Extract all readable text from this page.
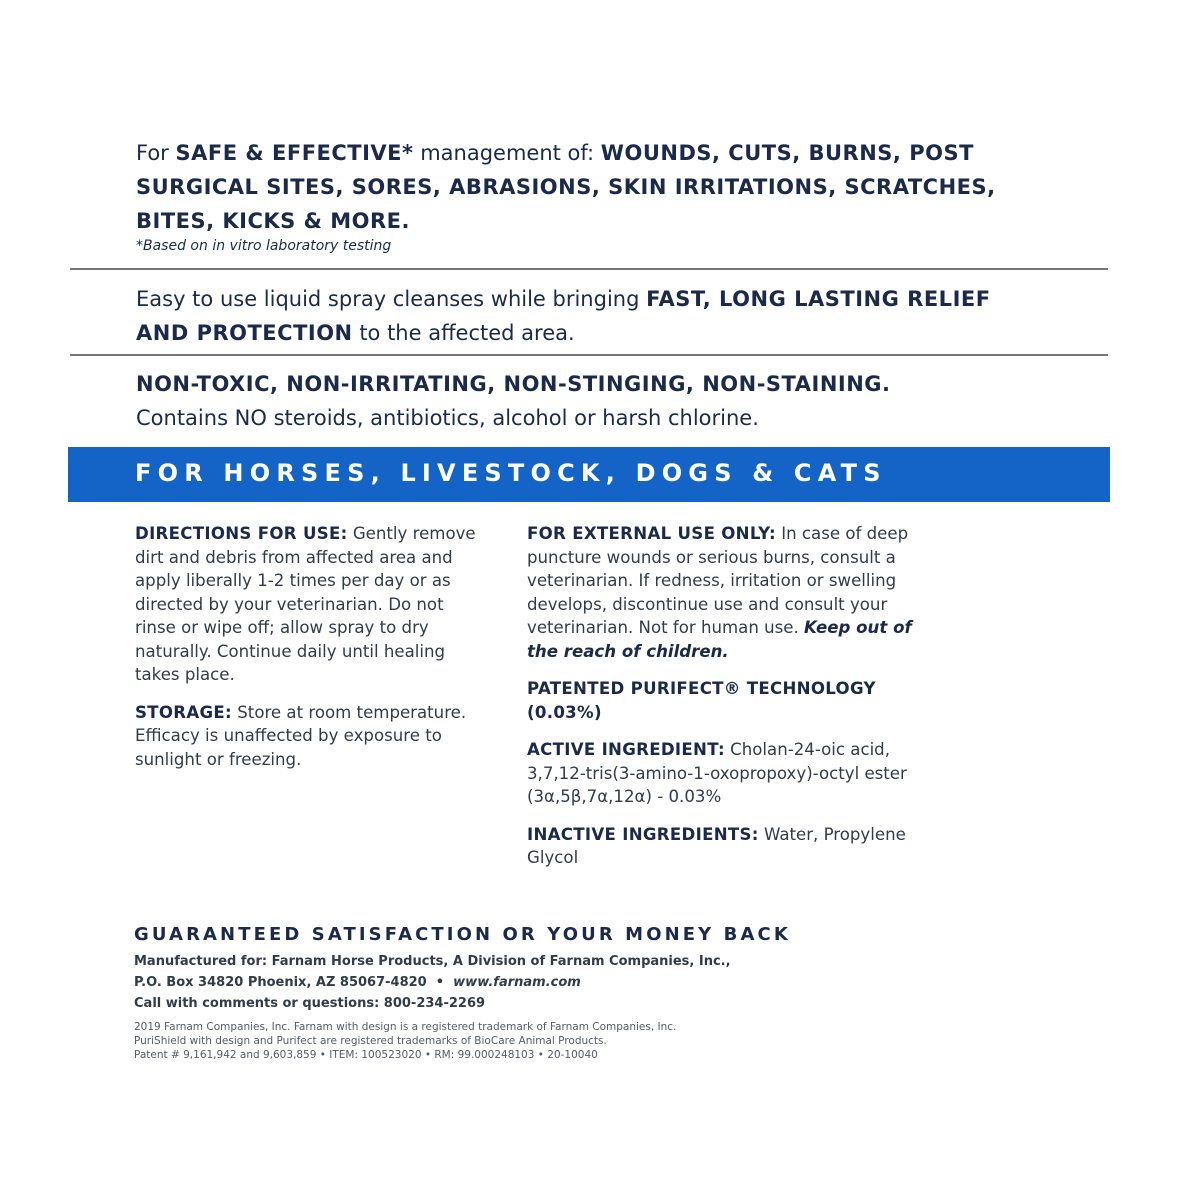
For SAFE & EFFECTIVE* management of: WOUNDS, CUTS, BURNS, POST SURGICAL SITES, SORES, ABRASIONS, SKIN IRRITATIONS, SCRATCHES, BITES, KICKS & MORE.
*Based on in vitro laboratory testing
Easy to use liquid spray cleanses while bringing FAST, LONG LASTING RELIEF AND PROTECTION to the affected area.
NON-TOXIC, NON-IRRITATING, NON-STINGING, NON-STAINING.
Contains NO steroids, antibiotics, alcohol or harsh chlorine.
FOR HORSES, LIVESTOCK, DOGS & CATS
DIRECTIONS FOR USE: Gently remove dirt and debris from affected area and apply liberally 1-2 times per day or as directed by your veterinarian. Do not rinse or wipe off; allow spray to dry naturally. Continue daily until healing takes place.
STORAGE: Store at room temperature. Efficacy is unaffected by exposure to sunlight or freezing.
FOR EXTERNAL USE ONLY: In case of deep puncture wounds or serious burns, consult a veterinarian. If redness, irritation or swelling develops, discontinue use and consult your veterinarian. Not for human use. Keep out of the reach of children.
PATENTED PURIFECT® TECHNOLOGY (0.03%)
ACTIVE INGREDIENT: Cholan-24-oic acid, 3,7,12-tris(3-amino-1-oxopropoxy)-octyl ester (3α,5β,7α,12α) - 0.03%
INACTIVE INGREDIENTS: Water, Propylene Glycol
GUARANTEED SATISFACTION OR YOUR MONEY BACK
Manufactured for: Farnam Horse Products, A Division of Farnam Companies, Inc.,
P.O. Box 34820 Phoenix, AZ 85067-4820 • www.farnam.com
Call with comments or questions: 800-234-2269
2019 Farnam Companies, Inc. Farnam with design is a registered trademark of Farnam Companies, Inc.
PuriShield with design and Purifect are registered trademarks of BioCare Animal Products.
Patent # 9,161,942 and 9,603,859 • ITEM: 100523020 • RM: 99.000248103 • 20-10040
